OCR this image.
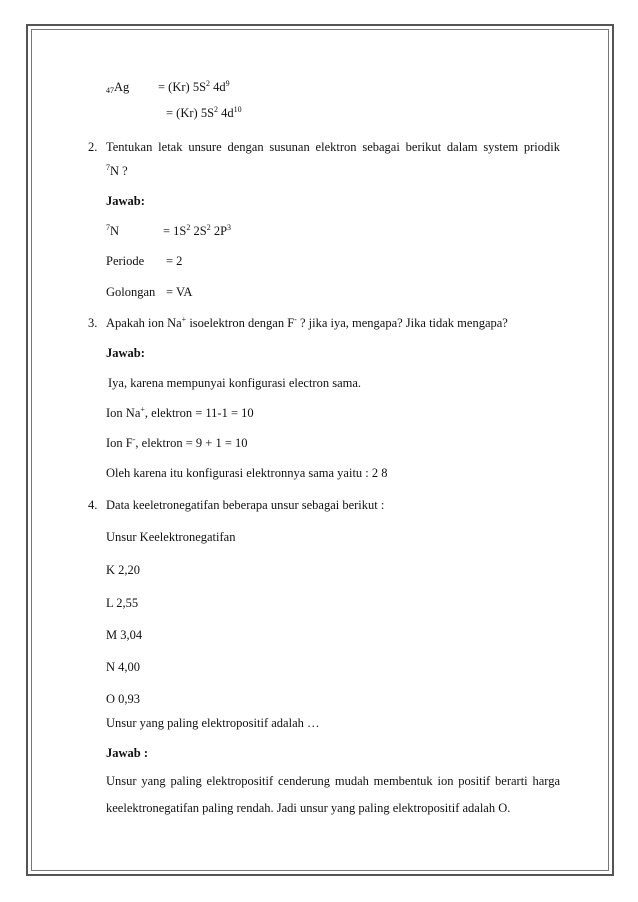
47Ag = (Kr) $5S^2$ $4d^9$
= (Kr) $5S^2$ $4d^{10}$
2. Tentukan letak unsure dengan susunan elektron sebagai berikut dalam system priodik
$^7$N ?
Jawab:
$^7$N	= $1S^2$ $2S^2$ $2P^3$
Periode = 2
Golongan = VA
3. Apakah ion Na+ isoelektron dengan F- ? jika iya, mengapa? Jika tidak mengapa?
Jawab:
Iya, karena mempunyai konfigurasi electron sama.
Ion Na+, elektron = 11-1 = 10
Ion F-, elektron = 9 + 1 = 10
Oleh karena itu konfigurasi elektronnya sama yaitu : 2 8
4. Data keeletronegatifan beberapa unsur sebagai berikut :
Unsur Keelektronegatifan
K 2,20
L 2,55
M 3,04
N 4,00
O 0,93
Unsur yang paling elektropositif adalah …
Jawab :
Unsur yang paling elektropositif cenderung mudah membentuk ion positif berarti harga
keelektronegatifan paling rendah. Jadi unsur yang paling elektropositif adalah O.
